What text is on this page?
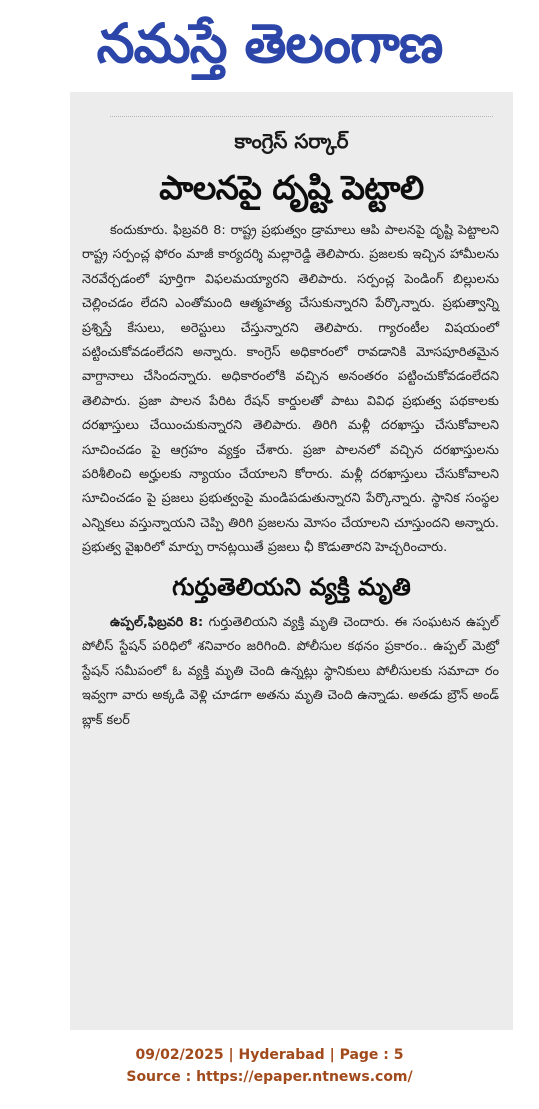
నమస్తే తెలంగాణ
కాంగ్రెస్ సర్కార్
పాలనపై దృష్టి పెట్టాలి

కందుకూరు. ఫిబ్రవరి 8: రాష్ట్ర ప్రభుత్వం డ్రామాలు ఆపి పాలనపై దృష్టి పెట్టాలని రాష్ట్ర సర్పంచ్ల ఫోరం మాజీ కార్యదర్శి మల్లారెడ్డి తెలిపారు. ప్రజలకు ఇచ్చిన హామీలను నెరవేర్చడంలో పూర్తిగా విఫలమయ్యారని తెలిపారు. సర్పంచ్ల పెండింగ్ బిల్లులను చెల్లించడం లేదని ఎంతోమంది ఆత్మహత్య చేసుకున్నారని పేర్కొన్నారు. ప్రభుత్వాన్ని ప్రశ్నిస్తే కేసులు, అరెస్టులు చేస్తున్నారని తెలిపారు. గ్యారంటీల విషయంలో పట్టించుకోవడంలేదని అన్నారు. కాంగ్రెస్ అధికారంలో రావడానికి మోసపూరితమైన వాగ్దానాలు చేసిందన్నారు. అధికారంలోకి వచ్చిన అనంతరం పట్టించుకోవడంలేదని తెలిపారు. ప్రజా పాలన పేరిట రేషన్ కార్డులతో పాటు వివిధ ప్రభుత్వ పథకాలకు దరఖాస్తులు చేయించుకున్నారని తెలిపారు. తిరిగి మళ్లీ దరఖాస్తు చేసుకోవాలని సూచించడం పై ఆగ్రహం వ్యక్తం చేశారు. ప్రజా పాలనలో వచ్చిన దరఖాస్తులను పరిశీలించి అర్హులకు న్యాయం చేయాలని కోరారు. మళ్లీ దరఖాస్తులు చేసుకోవాలని సూచించడం పై ప్రజలు ప్రభుత్వంపై మండిపడుతున్నారని పేర్కొన్నారు. స్థానిక సంస్థల ఎన్నికలు వస్తున్నాయని చెప్పి తిరిగి ప్రజలను మోసం చేయాలని చూస్తుందని అన్నారు. ప్రభుత్వ వైఖరిలో మార్పు రానట్లయితే ప్రజలు ఛీ కొడుతారని హెచ్చరించారు.

గుర్తుతెలియని వ్యక్తి మృతి

ఉప్పల్,ఫిబ్రవరి 8: గుర్తుతెలియని వ్యక్తి మృతి చెందారు. ఈ సంఘటన ఉప్పల్ పోలీస్ స్టేషన్ పరిధిలో శనివారం జరిగింది. పోలీసుల కథనం ప్రకారం.. ఉప్పల్ మెట్రో స్టేషన్ సమీపంలో ఓ వ్యక్తి మృతి చెంది ఉన్నట్లు స్థానికులు పోలీసులకు సమాచా రం ఇవ్వగా వారు అక్కడి వెళ్లి చూడగా అతను మృతి చెంది ఉన్నాడు. అతడు బ్రౌన్ అండ్ బ్లాక్ కలర్

09/02/2025 | Hyderabad | Page : 5
Source : https://epaper.ntnews.com/
